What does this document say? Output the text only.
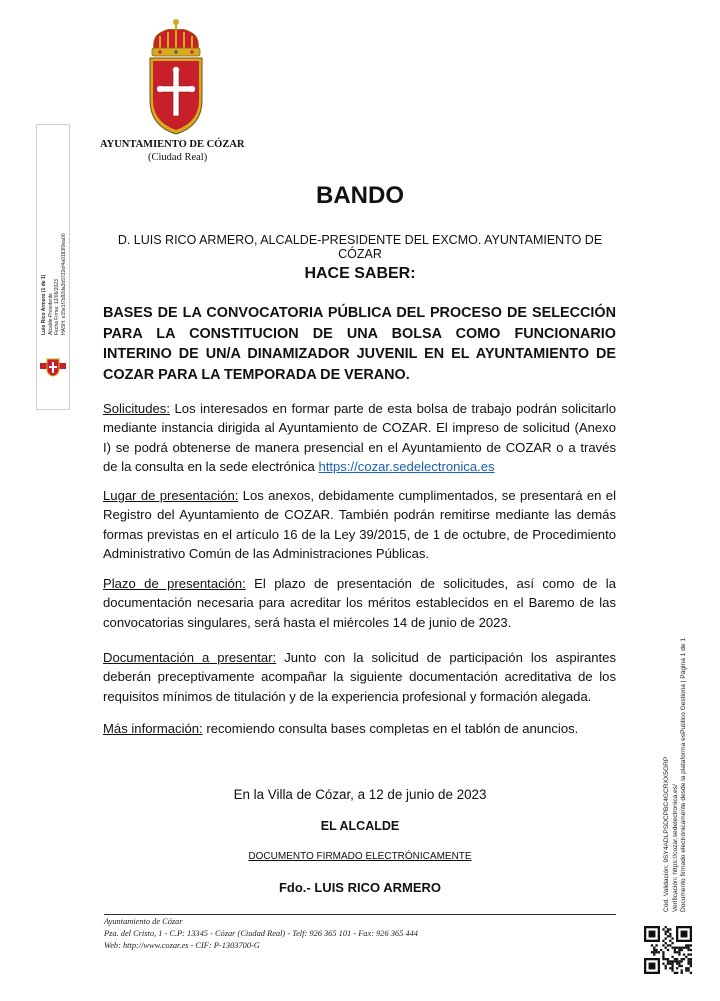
AYUNTAMIENTO DE CÓZAR
(Ciudad Real)
Luis Rico Armero (1 de 1) Alcalde-Presidente Fecha Firma: 12/06/2023 HASH: e15e1f7b92da3b5722ef4a0183f0ea00
Cód. Validación: 9SY4ADLPSDCPBC4GCRXX5GRP Verificación: https://cozar.sedelectronica.es/ Documento firmado electrónicamente desde la plataforma esPublico Gestiona | Página 1 de 1
BANDO
D. LUIS RICO ARMERO, ALCALDE-PRESIDENTE DEL EXCMO. AYUNTAMIENTO DE CÓZAR
HACE SABER:
BASES DE LA CONVOCATORIA PÚBLICA DEL PROCESO DE SELECCIÓN PARA LA CONSTITUCION DE UNA BOLSA COMO FUNCIONARIO INTERINO DE UN/A DINAMIZADOR JUVENIL EN EL AYUNTAMIENTO DE COZAR PARA LA TEMPORADA DE VERANO.
Solicitudes: Los interesados en formar parte de esta bolsa de trabajo podrán solicitarlo mediante instancia dirigida al Ayuntamiento de COZAR. El impreso de solicitud (Anexo I) se podrá obtenerse de manera presencial en el Ayuntamiento de COZAR o a través de la consulta en la sede electrónica https://cozar.sedelectronica.es
Lugar de presentación: Los anexos, debidamente cumplimentados, se presentará en el Registro del Ayuntamiento de COZAR. También podrán remitirse mediante las demás formas previstas en el artículo 16 de la Ley 39/2015, de 1 de octubre, de Procedimiento Administrativo Común de las Administraciones Públicas.
Plazo de presentación: El plazo de presentación de solicitudes, así como de la documentación necesaria para acreditar los méritos establecidos en el Baremo de las convocatorias singulares, será hasta el miércoles 14 de junio de 2023.
Documentación a presentar: Junto con la solicitud de participación los aspirantes deberán preceptivamente acompañar la siguiente documentación acreditativa de los requisitos mínimos de titulación y de la experiencia profesional y formación alegada.
Más información: recomiendo consulta bases completas en el tablón de anuncios.
En la Villa de Cózar, a 12 de junio de 2023
EL ALCALDE
DOCUMENTO FIRMADO ELECTRÓNICAMENTE
Fdo.- LUIS RICO ARMERO
Ayuntamiento de Cózar
Pza. del Cristo, 1 - C.P: 13345 - Cózar (Ciudad Real) - Telf: 926 365 101 - Fax: 926 365 444
Web: http://www.cozar.es - CIF: P-1303700-G
